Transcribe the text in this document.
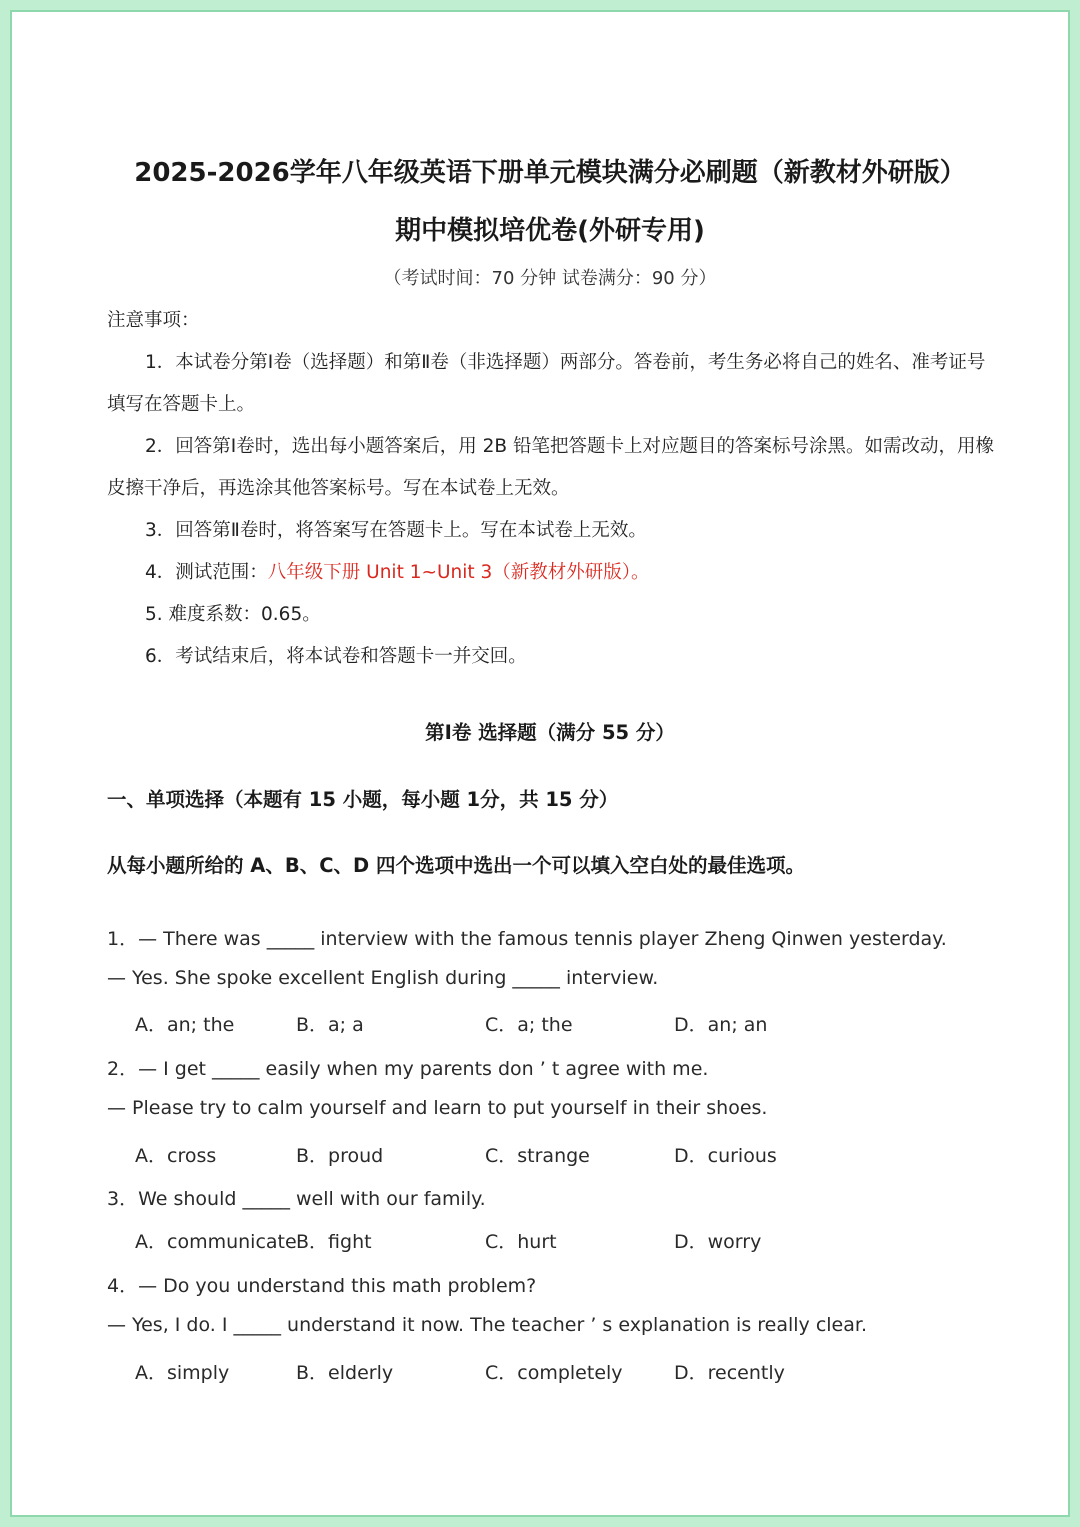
2025-2026学年八年级英语下册单元模块满分必刷题（新教材外研版）
期中模拟培优卷(外研专用)
（考试时间：70 分钟 试卷满分：90 分）
注意事项：
1．本试卷分第Ⅰ卷（选择题）和第Ⅱ卷（非选择题）两部分。答卷前，考生务必将自己的姓名、准考证号
填写在答题卡上。
2．回答第Ⅰ卷时，选出每小题答案后，用 2B 铅笔把答题卡上对应题目的答案标号涂黑。如需改动，用橡
皮擦干净后，再选涂其他答案标号。写在本试卷上无效。
3．回答第Ⅱ卷时，将答案写在答题卡上。写在本试卷上无效。
4．测试范围：八年级下册 Unit 1~Unit 3（新教材外研版）。
5. 难度系数：0.65。
6．考试结束后，将本试卷和答题卡一并交回。
第Ⅰ卷 选择题（满分 55 分）
一、单项选择（本题有 15 小题，每小题 1分，共 15 分）
从每小题所给的 A、B、C、D 四个选项中选出一个可以填入空白处的最佳选项。
1．— There was _____ interview with the famous tennis player Zheng Qinwen yesterday.
— Yes. She spoke excellent English during _____ interview.
A．an; the	B．a; a	C．a; the	D．an; an
2．— I get _____ easily when my parents don ’ t agree with me.
— Please try to calm yourself and learn to put yourself in their shoes.
A．cross	B．proud	C．strange	D．curious
3．We should _____ well with our family.
A．communicate B．fight	C．hurt	D．worry
4．— Do you understand this math problem?
— Yes, I do. I _____ understand it now. The teacher ’ s explanation is really clear.
A．simply	B．elderly	C．completely	D．recently
